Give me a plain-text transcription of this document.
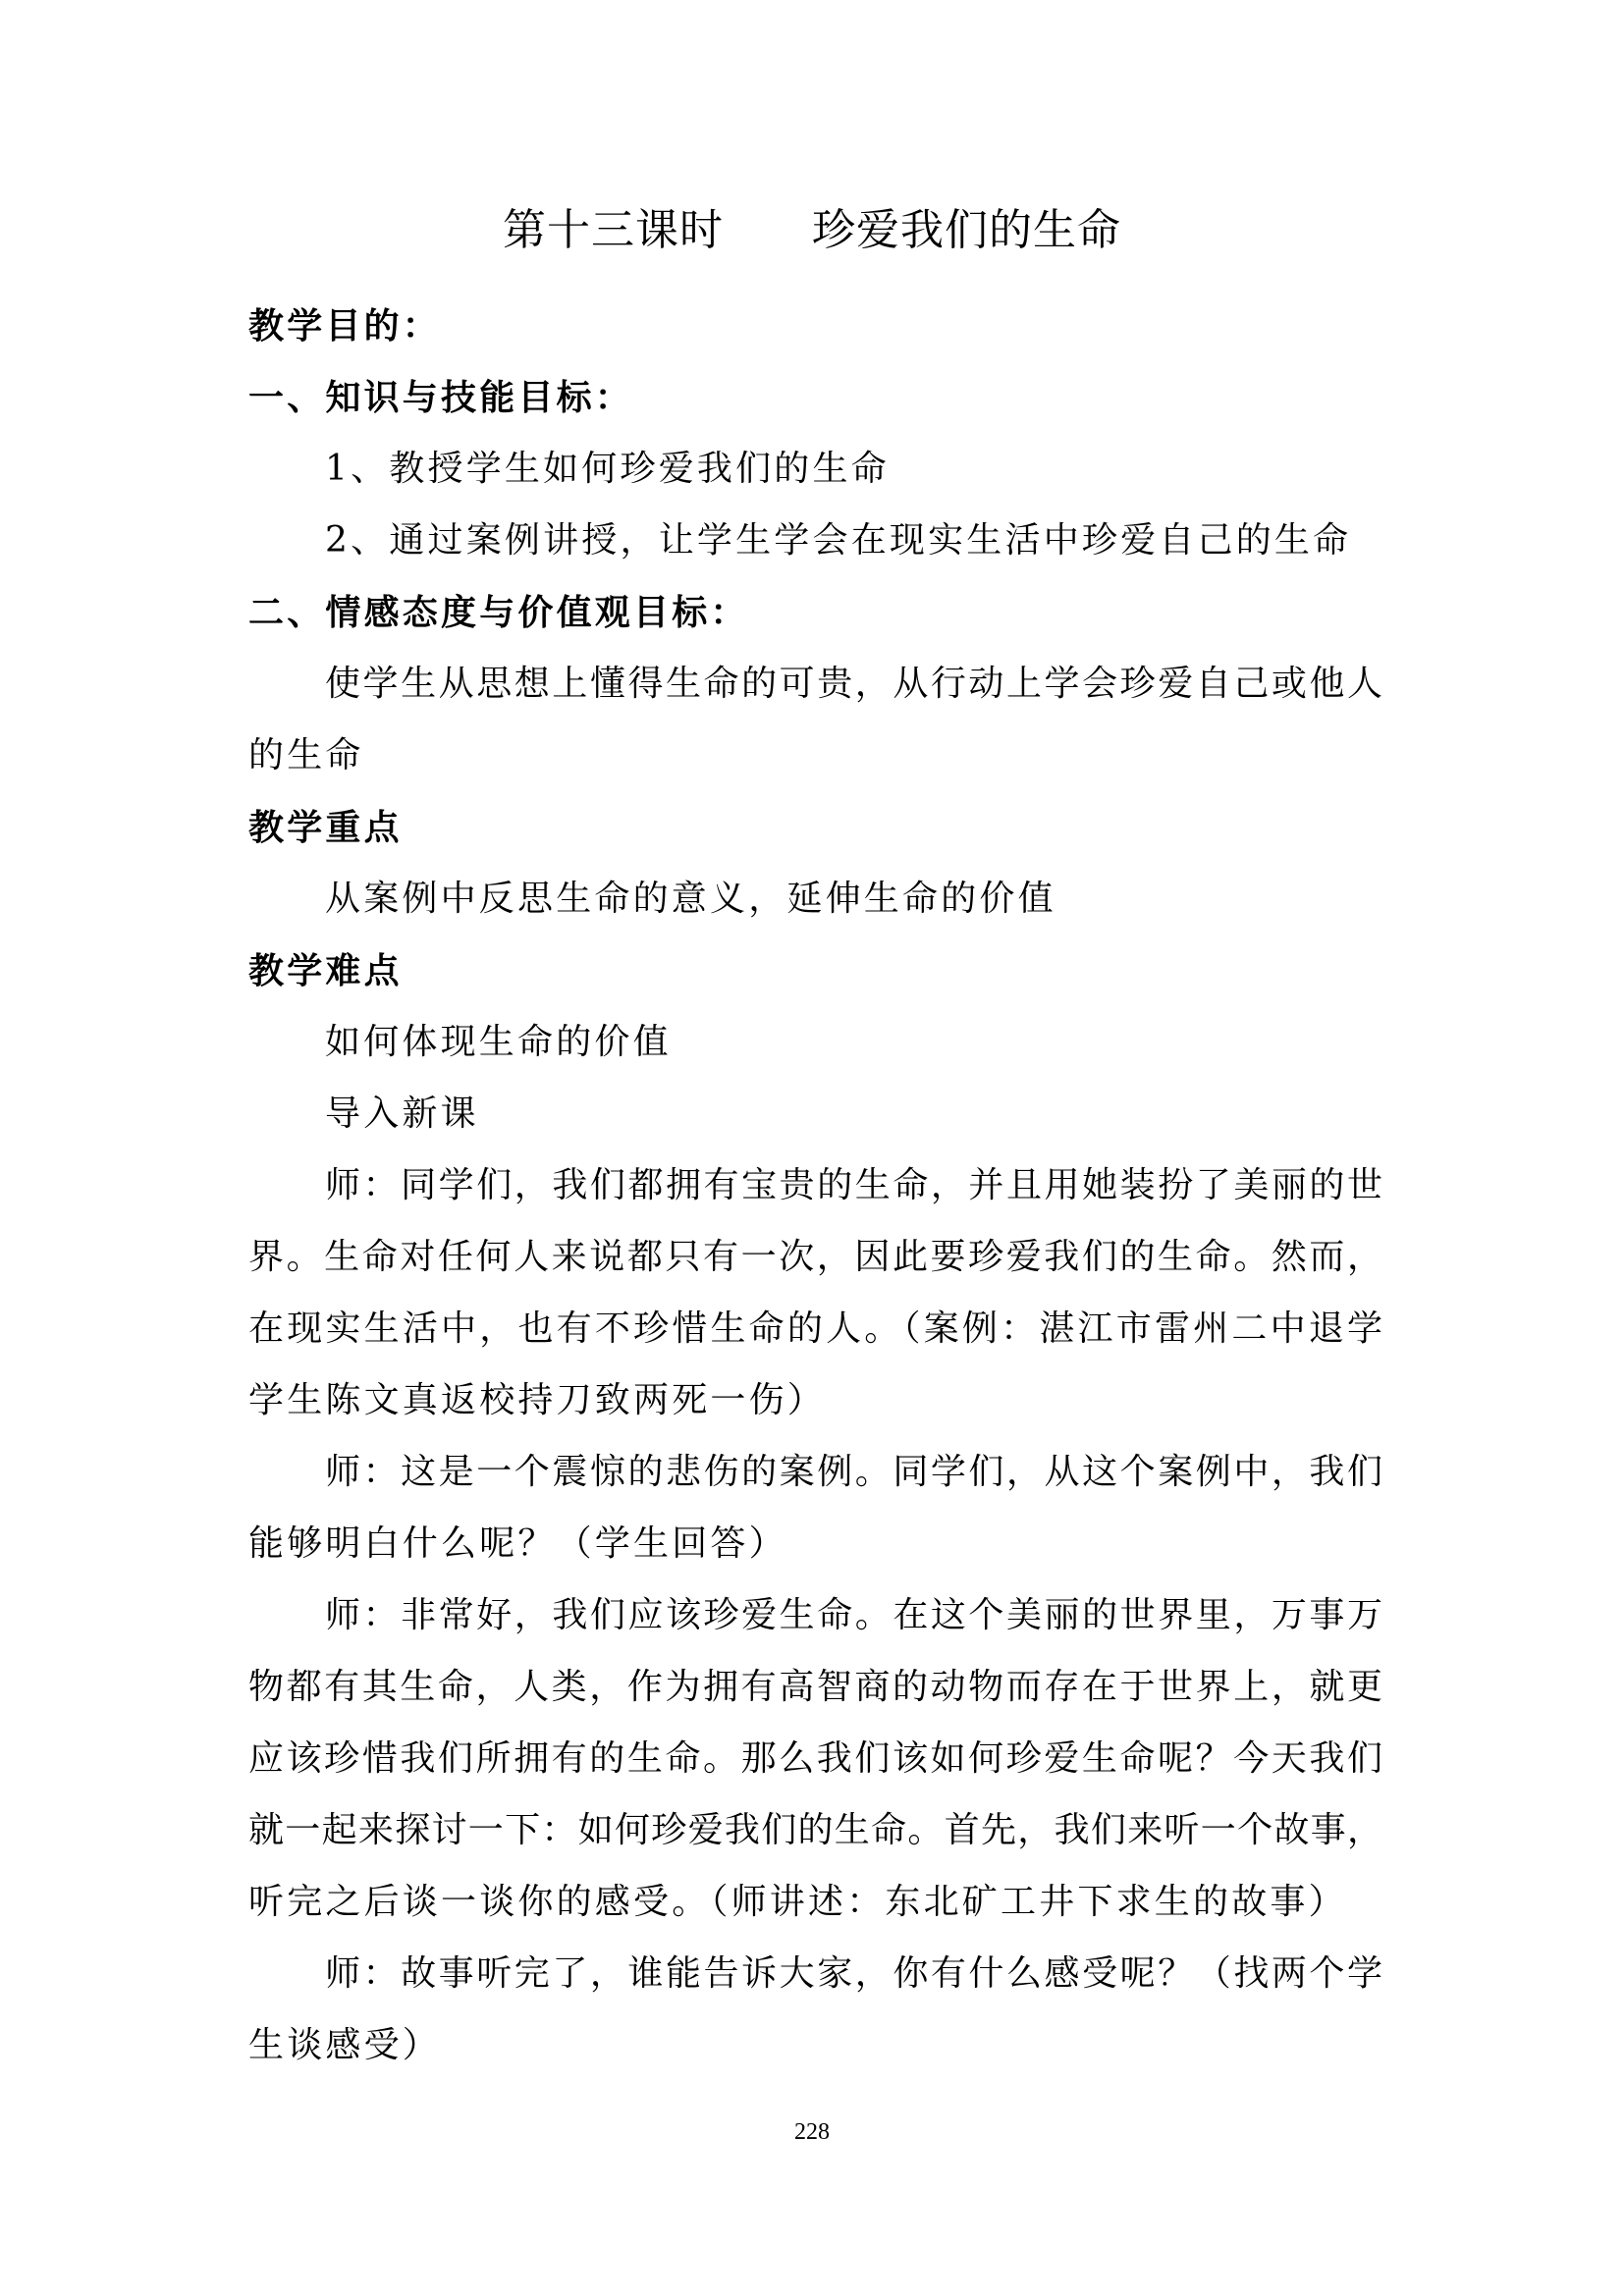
第十三课时　　珍爱我们的生命
教学目的：
一、知识与技能目标：
1、教授学生如何珍爱我们的生命
2、通过案例讲授，让学生学会在现实生活中珍爱自己的生命
二、情感态度与价值观目标：
使学生从思想上懂得生命的可贵，从行动上学会珍爱自己或他人
的生命
教学重点
从案例中反思生命的意义，延伸生命的价值
教学难点
如何体现生命的价值
导入新课
师：同学们，我们都拥有宝贵的生命，并且用她装扮了美丽的世
界。生命对任何人来说都只有一次，因此要珍爱我们的生命。然而，
在现实生活中，也有不珍惜生命的人。（案例：湛江市雷州二中退学
学生陈文真返校持刀致两死一伤）
师：这是一个震惊的悲伤的案例。同学们，从这个案例中，我们
能够明白什么呢？（学生回答）
师：非常好，我们应该珍爱生命。在这个美丽的世界里，万事万
物都有其生命，人类，作为拥有高智商的动物而存在于世界上，就更
应该珍惜我们所拥有的生命。那么我们该如何珍爱生命呢？今天我们
就一起来探讨一下：如何珍爱我们的生命。首先，我们来听一个故事，
听完之后谈一谈你的感受。（师讲述：东北矿工井下求生的故事）
师：故事听完了，谁能告诉大家，你有什么感受呢？（找两个学
生谈感受）
228
